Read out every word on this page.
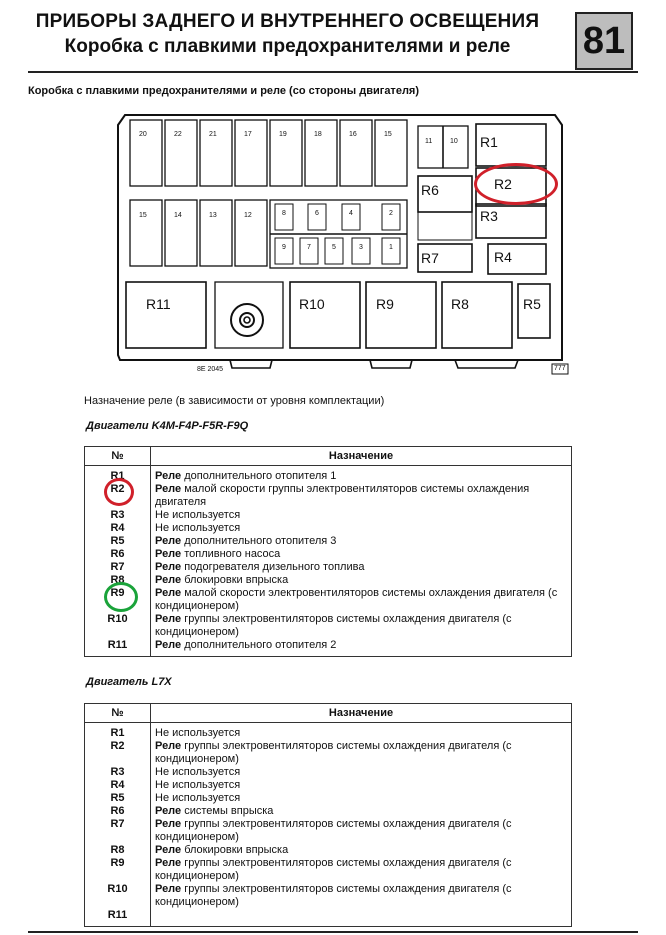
ПРИБОРЫ ЗАДНЕГО И ВНУТРЕННЕГО ОСВЕЩЕНИЯ
Коробка с плавкими предохранителями и реле	81
Коробка с плавкими предохранителями и реле (со стороны двигателя)
20	22	21	17	19	18	16	15
15	14	13	12	8	6	4	2
9	7	5	3	1
11	10 R1
R2
R3
R4
R5
R6
R7
R8
R9
R10
R11
8E 2045	777
Назначение реле (в зависимости от уровня комплектации)
Двигатели K4M-F4P-F5R-F9Q
№	Назначение
R1	Реле дополнительного отопителя 1
R2	Реле малой скорости группы электровентиляторов системы охлаждения двигателя
R3	Не используется
R4	Не используется
R5	Реле дополнительного отопителя 3
R6	Реле топливного насоса
R7	Реле подогревателя дизельного топлива
R8	Реле блокировки впрыска
R9	Реле малой скорости электровентиляторов системы охлаждения двигателя (с кондиционером)
R10	Реле группы электровентиляторов системы охлаждения двигателя (с кондиционером)
R11	Реле дополнительного отопителя 2
Двигатель L7X
№	Назначение
R1	Не используется
R2	Реле группы электровентиляторов системы охлаждения двигателя (с кондиционером)
R3	Не используется
R4	Не используется
R5	Не используется
R6	Реле системы впрыска
R7	Реле группы электровентиляторов системы охлаждения двигателя (с кондиционером)
R8	Реле блокировки впрыска
R9	Реле группы электровентиляторов системы охлаждения двигателя (с кондиционером)
R10	Реле группы электровентиляторов системы охлаждения двигателя (с кондиционером)
R11	
